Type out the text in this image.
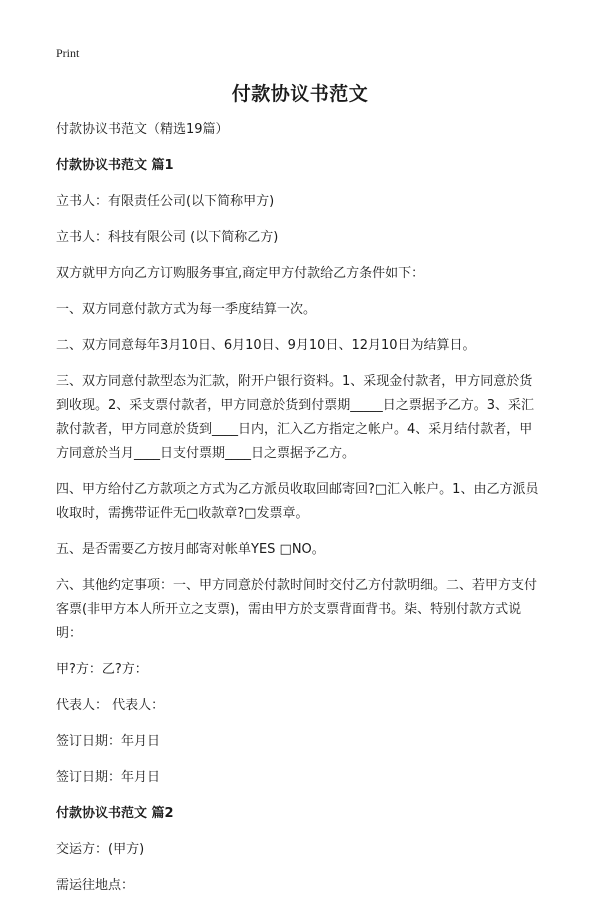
Print
付款协议书范文
付款协议书范文（精选19篇）
付款协议书范文 篇1
立书人：有限责任公司(以下简称甲方)
立书人：科技有限公司 (以下简称乙方)
双方就甲方向乙方订购服务事宜,商定甲方付款给乙方条件如下：
一、双方同意付款方式为每一季度结算一次。
二、双方同意每年3月10日、6月10日、9月10日、12月10日为结算日。
三、双方同意付款型态为汇款，附开户银行资料。1、采现金付款者，甲方同意於货到收现。2、采支票付款者，甲方同意於货到付票期_____日之票据予乙方。3、采汇款付款者，甲方同意於货到____日内，汇入乙方指定之帐户。4、采月结付款者，甲方同意於当月____日支付票期____日之票据予乙方。
四、甲方给付乙方款项之方式为乙方派员收取回邮寄回?□汇入帐户。1、由乙方派员收取时，需携带证件无□收款章?□发票章。
五、是否需要乙方按月邮寄对帐单YES □NO。
六、其他约定事项：一、甲方同意於付款时间时交付乙方付款明细。二、若甲方支付客票(非甲方本人所开立之支票)，需由甲方於支票背面背书。柒、特别付款方式说明：
甲?方：乙?方：
代表人： 代表人：
签订日期：年月日
签订日期：年月日
付款协议书范文 篇2
交运方：(甲方)
需运往地点：
